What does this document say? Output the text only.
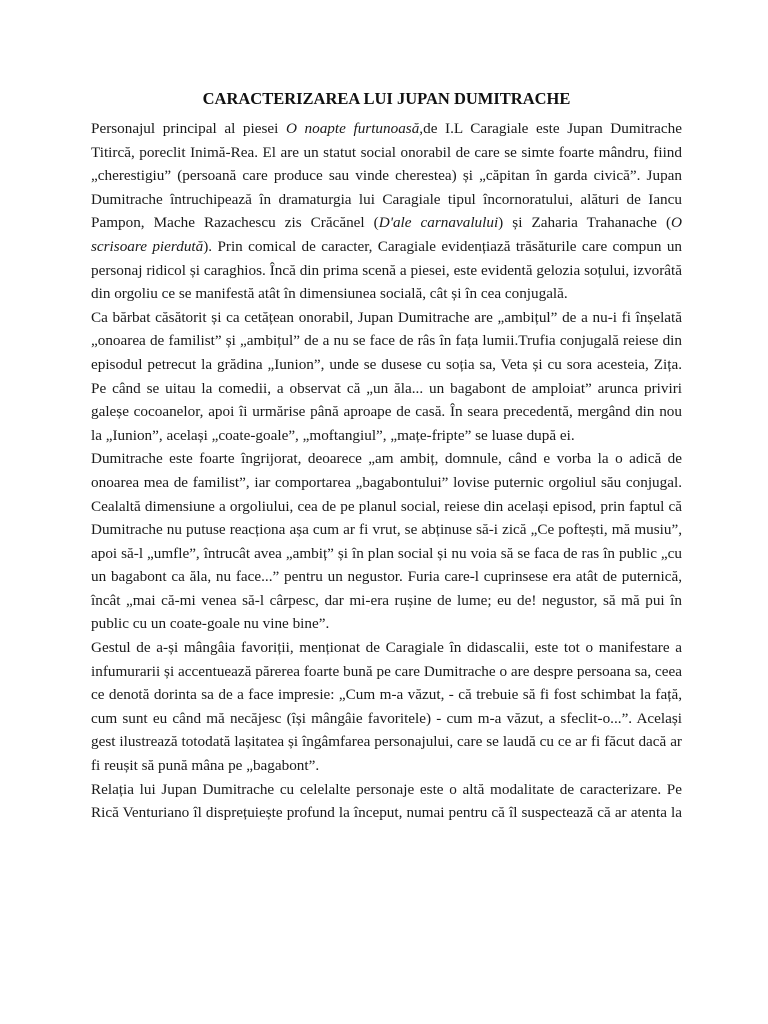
CARACTERIZAREA LUI JUPAN DUMITRACHE

Personajul principal al piesei O noapte furtunoasă,de I.L Caragiale este Jupan Dumitrache
Titircă, poreclit Inimă-Rea. El are un statut social onorabil de care se simte foarte mândru, fiind
„cherestigiu” (persoană care produce sau vinde cherestea) și „căpitan în garda civică”. Jupan
Dumitrache întruchipează în dramaturgia lui Caragiale tipul încornoratului, alături de Iancu
Pampon, Mache Razachescu zis Crăcănel (D'ale carnavalului) și Zaharia Trahanache (O
scrisoare pierdută). Prin comical de caracter, Caragiale evidențiază trăsăturile care compun un
personaj ridicol și caraghios. Încă din prima scenă a piesei, este evidentă gelozia soțului, izvorâtă
din orgoliu ce se manifestă atât în dimensiunea socială, cât și în cea conjugală.

Ca bărbat căsătorit și ca cetățean onorabil, Jupan Dumitrache are „ambițul” de a nu-i fi înșelată
„onoarea de familist” și „ambițul” de a nu se face de râs în fața lumii.Trufia conjugală reiese din
episodul petrecut la grădina „Iunion”, unde se dusese cu soția sa, Veta și cu sora acesteia, Zița.
Pe când se uitau la comedii, a observat că „un ăla... un bagabont de amploiat” arunca priviri
galeșe cocoanelor, apoi îi urmărise până aproape de casă. În seara precedentă, mergând din nou
la „Iunion”, același „coate-goale”, „moftangiul”, „mațe-fripte” se luase după ei.

Dumitrache este foarte îngrijorat, deoarece „am ambiț, domnule, când e vorba la o adică de
onoarea mea de familist”, iar comportarea „bagabontului” lovise puternic orgoliul său conjugal.
Cealaltă dimensiune a orgoliului, cea de pe planul social, reiese din același episod, prin faptul că
Dumitrache nu putuse reacționa așa cum ar fi vrut, se abținuse să-i zică „Ce poftești, mă musiu”,
apoi să-l „umfle”, întrucât avea „ambiț” și în plan social și nu voia să se faca de ras în public „cu
un bagabont ca ăla, nu face...” pentru un negustor. Furia care-l cuprinsese era atât de puternică,
încât „mai că-mi venea să-l cârpesc, dar mi-era rușine de lume; eu de! negustor, să mă pui în
public cu un coate-goale nu vine bine”.

Gestul de a-și mângâia favoriții, menționat de Caragiale în didascalii, este tot o manifestare a
infumurarii și accentuează părerea foarte bună pe care Dumitrache o are despre persoana sa, ceea
ce denotă dorinta sa de a face impresie: „Cum m-a văzut, - că trebuie să fi fost schimbat la față,
cum sunt eu când mă necăjesc (își mângâie favoritele) - cum m-a văzut, a sfeclit-o...”. Același
gest ilustrează totodată lașitatea și îngâmfarea personajului, care se laudă cu ce ar fi făcut dacă ar
fi reușit să pună mâna pe „bagabont”.

Relația lui Jupan Dumitrache cu celelalte personaje este o altă modalitate de caracterizare. Pe
Rică Venturiano îl disprețuiește profund la început, numai pentru că îl suspectează că ar atenta la
